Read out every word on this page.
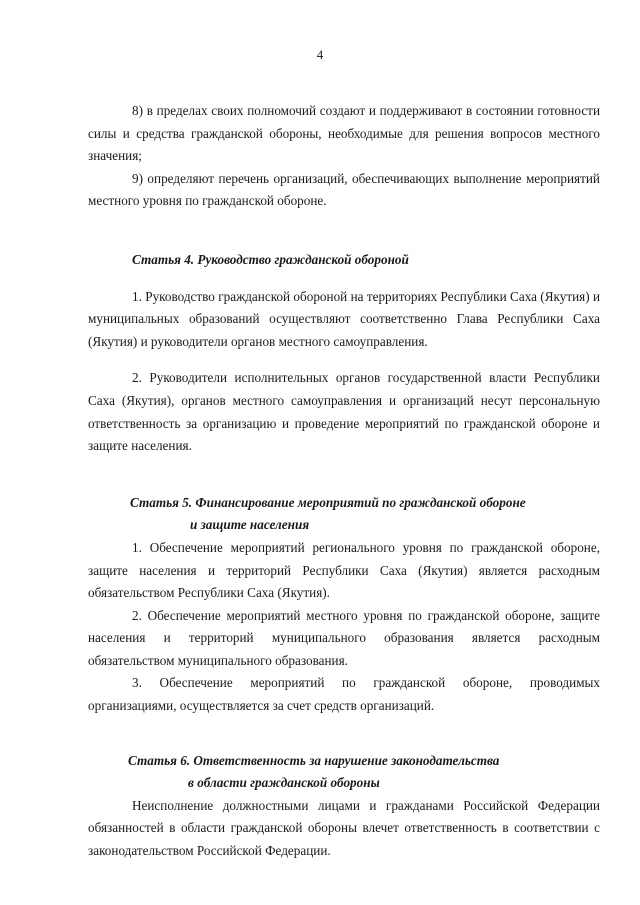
4

8) в пределах своих полномочий создают и поддерживают в состоянии готовности силы и средства гражданской обороны, необходимые для решения вопросов местного значения;

9) определяют перечень организаций, обеспечивающих выполнение мероприятий местного уровня по гражданской обороне.

Статья 4. Руководство гражданской обороной

1. Руководство гражданской обороной на территориях Республики Саха (Якутия) и муниципальных образований осуществляют соответственно Глава Республики Саха (Якутия) и руководители органов местного самоуправления.

2. Руководители исполнительных органов государственной власти Республики Саха (Якутия), органов местного самоуправления и организаций несут персональную ответственность за организацию и проведение мероприятий по гражданской обороне и защите населения.

Статья 5. Финансирование мероприятий по гражданской обороне
и защите населения

1. Обеспечение мероприятий регионального уровня по гражданской обороне, защите населения и территорий Республики Саха (Якутия) является расходным обязательством Республики Саха (Якутия).

2. Обеспечение мероприятий местного уровня по гражданской обороне, защите населения и территорий муниципального образования является расходным обязательством муниципального образования.

3. Обеспечение мероприятий по гражданской обороне, проводимых организациями, осуществляется за счет средств организаций.

Статья 6. Ответственность за нарушение законодательства
в области гражданской обороны

Неисполнение должностными лицами и гражданами Российской Федерации обязанностей в области гражданской обороны влечет ответственность в соответствии с законодательством Российской Федерации.
